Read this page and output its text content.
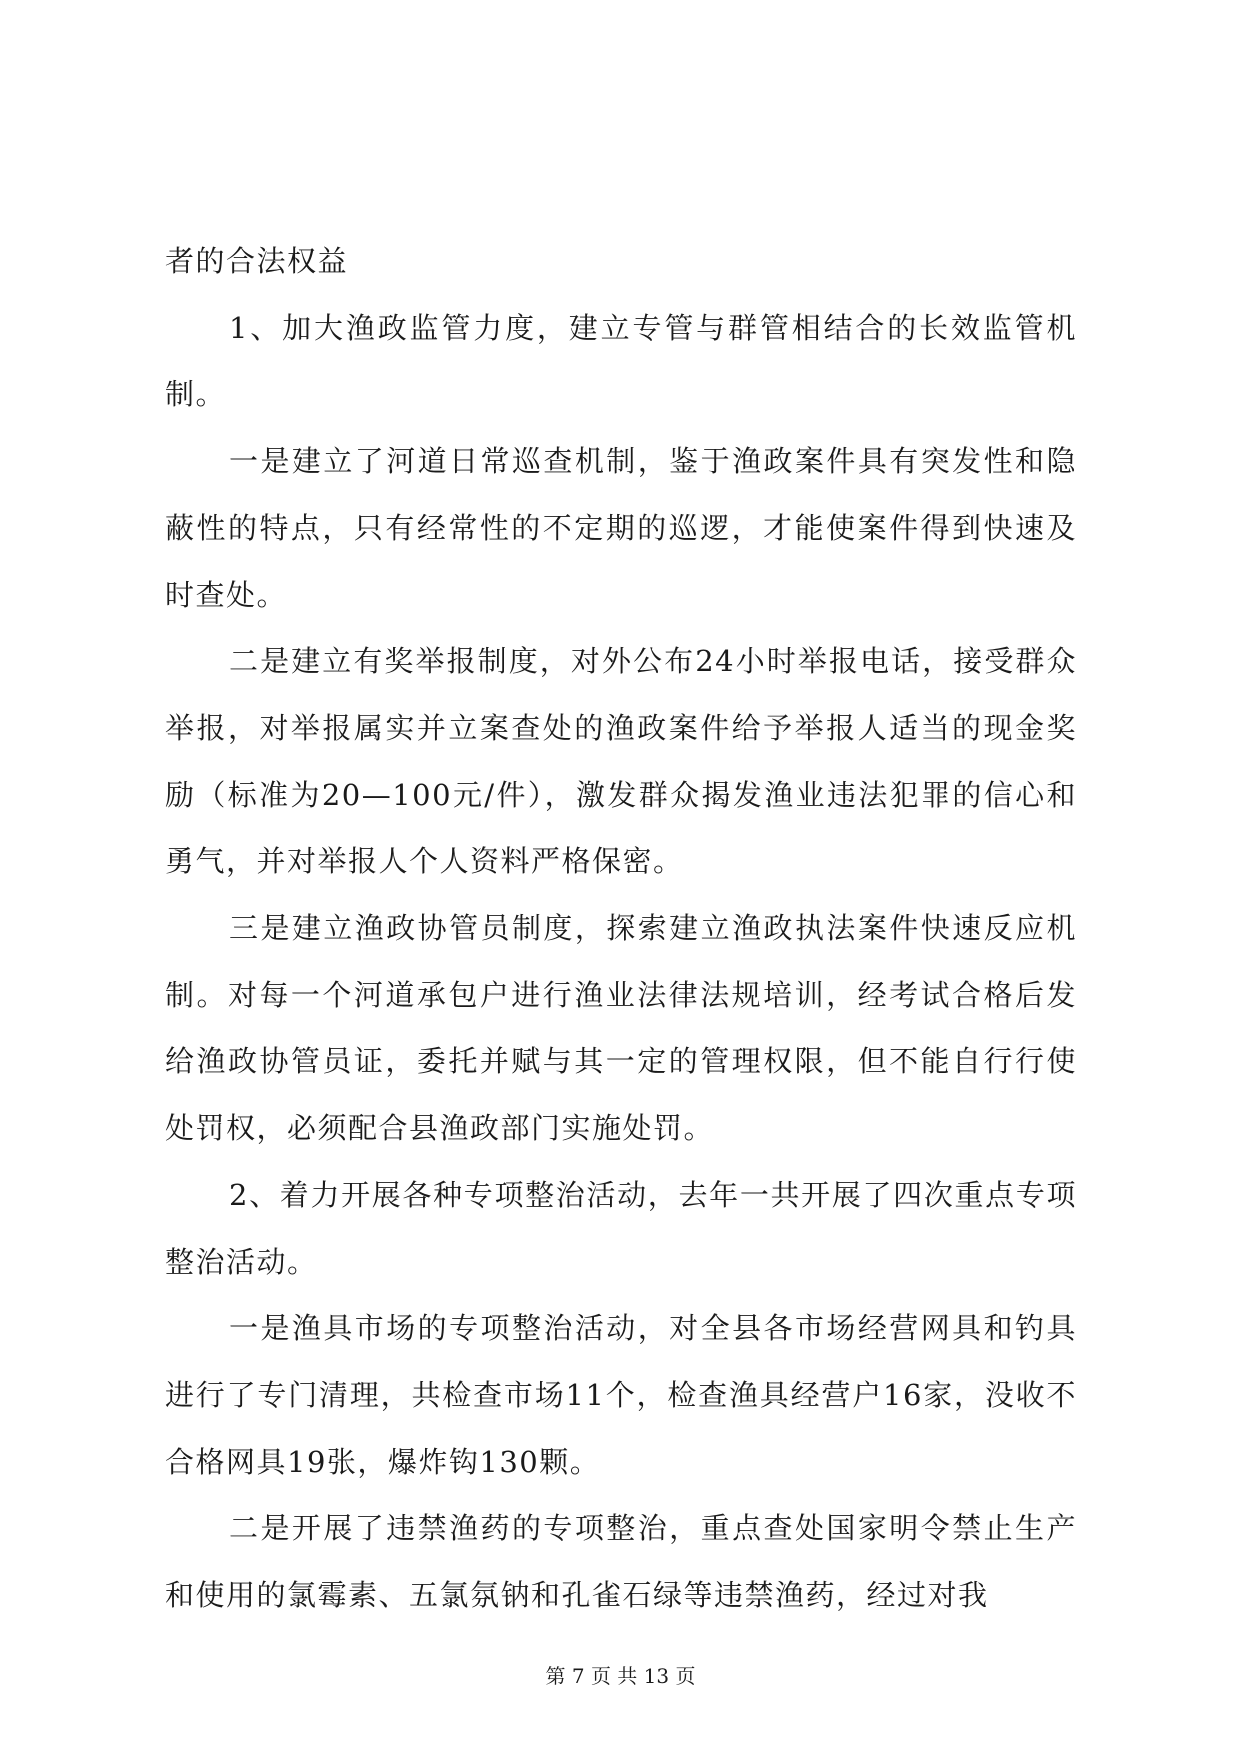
者的合法权益

1、加大渔政监管力度，建立专管与群管相结合的长效监管机制。

一是建立了河道日常巡查机制，鉴于渔政案件具有突发性和隐蔽性的特点，只有经常性的不定期的巡逻，才能使案件得到快速及时查处。

二是建立有奖举报制度，对外公布24小时举报电话，接受群众举报，对举报属实并立案查处的渔政案件给予举报人适当的现金奖励（标准为20—100元/件），激发群众揭发渔业违法犯罪的信心和勇气，并对举报人个人资料严格保密。

三是建立渔政协管员制度，探索建立渔政执法案件快速反应机制。对每一个河道承包户进行渔业法律法规培训，经考试合格后发给渔政协管员证，委托并赋与其一定的管理权限，但不能自行行使处罚权，必须配合县渔政部门实施处罚。

2、着力开展各种专项整治活动，去年一共开展了四次重点专项整治活动。

一是渔具市场的专项整治活动，对全县各市场经营网具和钓具进行了专门清理，共检查市场11个，检查渔具经营户16家，没收不合格网具19张，爆炸钩130颗。

二是开展了违禁渔药的专项整治，重点查处国家明令禁止生产和使用的氯霉素、五氯氛钠和孔雀石绿等违禁渔药，经过对我

第 7 页 共 13 页
